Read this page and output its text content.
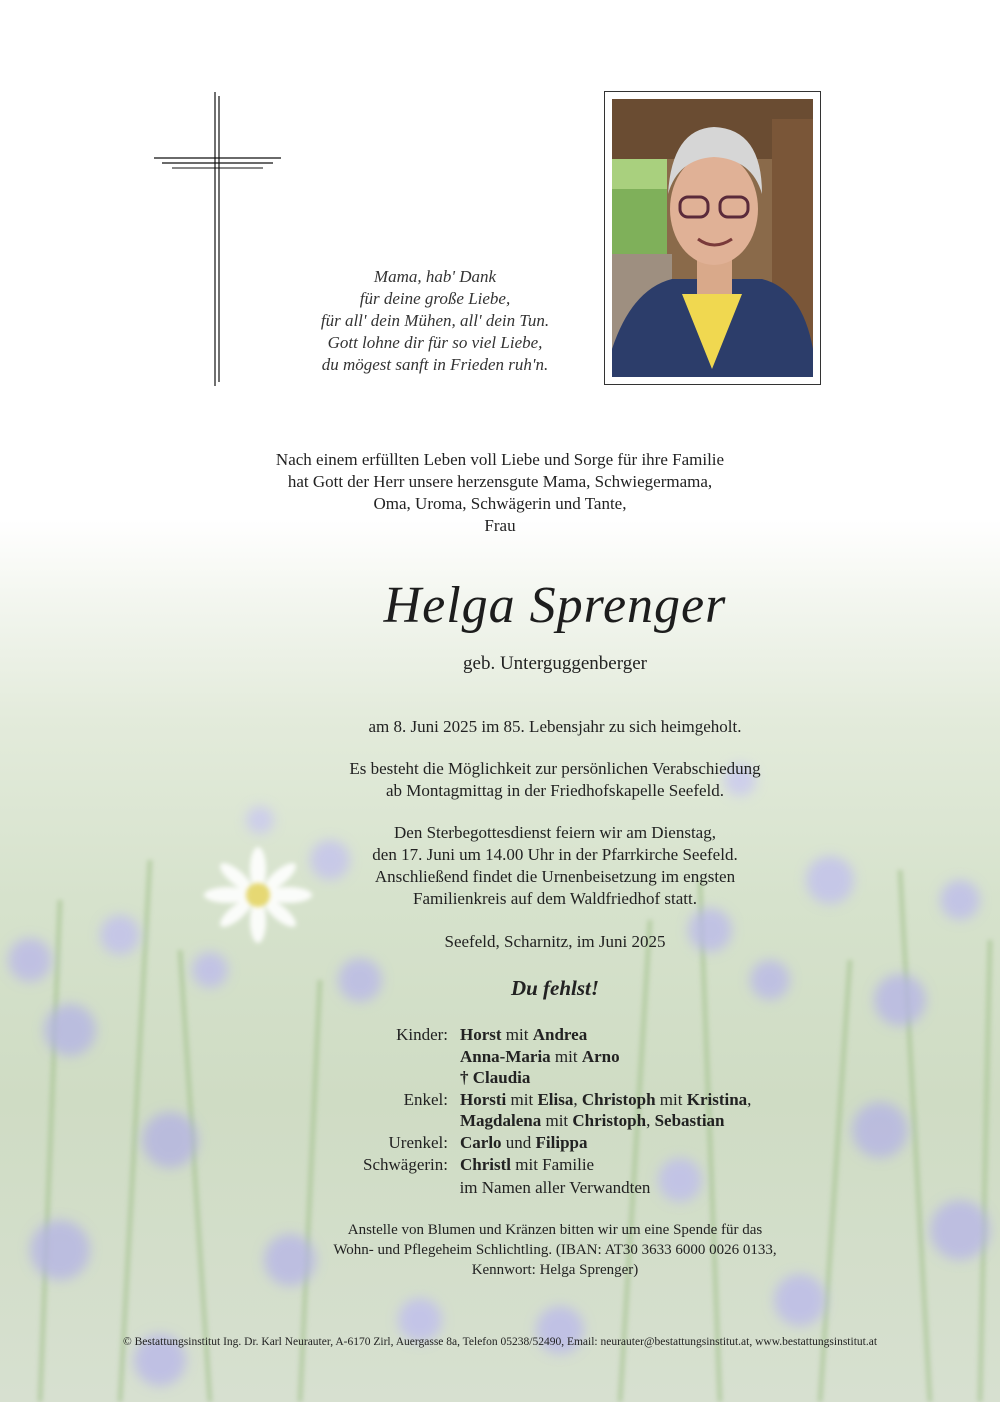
Mama, hab' Dank
für deine große Liebe,
für all' dein Mühen, all' dein Tun.
Gott lohne dir für so viel Liebe,
du mögest sanft in Frieden ruh'n.
Nach einem erfüllten Leben voll Liebe und Sorge für ihre Familie
hat Gott der Herr unsere herzensgute Mama, Schwiegermama,
Oma, Uroma, Schwägerin und Tante,
Frau
Helga Sprenger
geb. Unterguggenberger
am 8. Juni 2025 im 85. Lebensjahr zu sich heimgeholt.
Es besteht die Möglichkeit zur persönlichen Verabschiedung
ab Montagmittag in der Friedhofskapelle Seefeld.
Den Sterbegottesdienst feiern wir am Dienstag,
den 17. Juni um 14.00 Uhr in der Pfarrkirche Seefeld.
Anschließend findet die Urnenbeisetzung im engsten
Familienkreis auf dem Waldfriedhof statt.
Seefeld, Scharnitz, im Juni 2025
Du fehlst!
Kinder: Horst mit Andrea
Anna-Maria mit Arno
† Claudia
Enkel: Horsti mit Elisa, Christoph mit Kristina,
Magdalena mit Christoph, Sebastian
Urenkel: Carlo und Filippa
Schwägerin: Christl mit Familie
im Namen aller Verwandten
Anstelle von Blumen und Kränzen bitten wir um eine Spende für das
Wohn- und Pflegeheim Schlichtling. (IBAN: AT30 3633 6000 0026 0133,
Kennwort: Helga Sprenger)
© Bestattungsinstitut Ing. Dr. Karl Neurauter, A-6170 Zirl, Auergasse 8a, Telefon 05238/52490, Email: neurauter@bestattungsinstitut.at, www.bestattungsinstitut.at
